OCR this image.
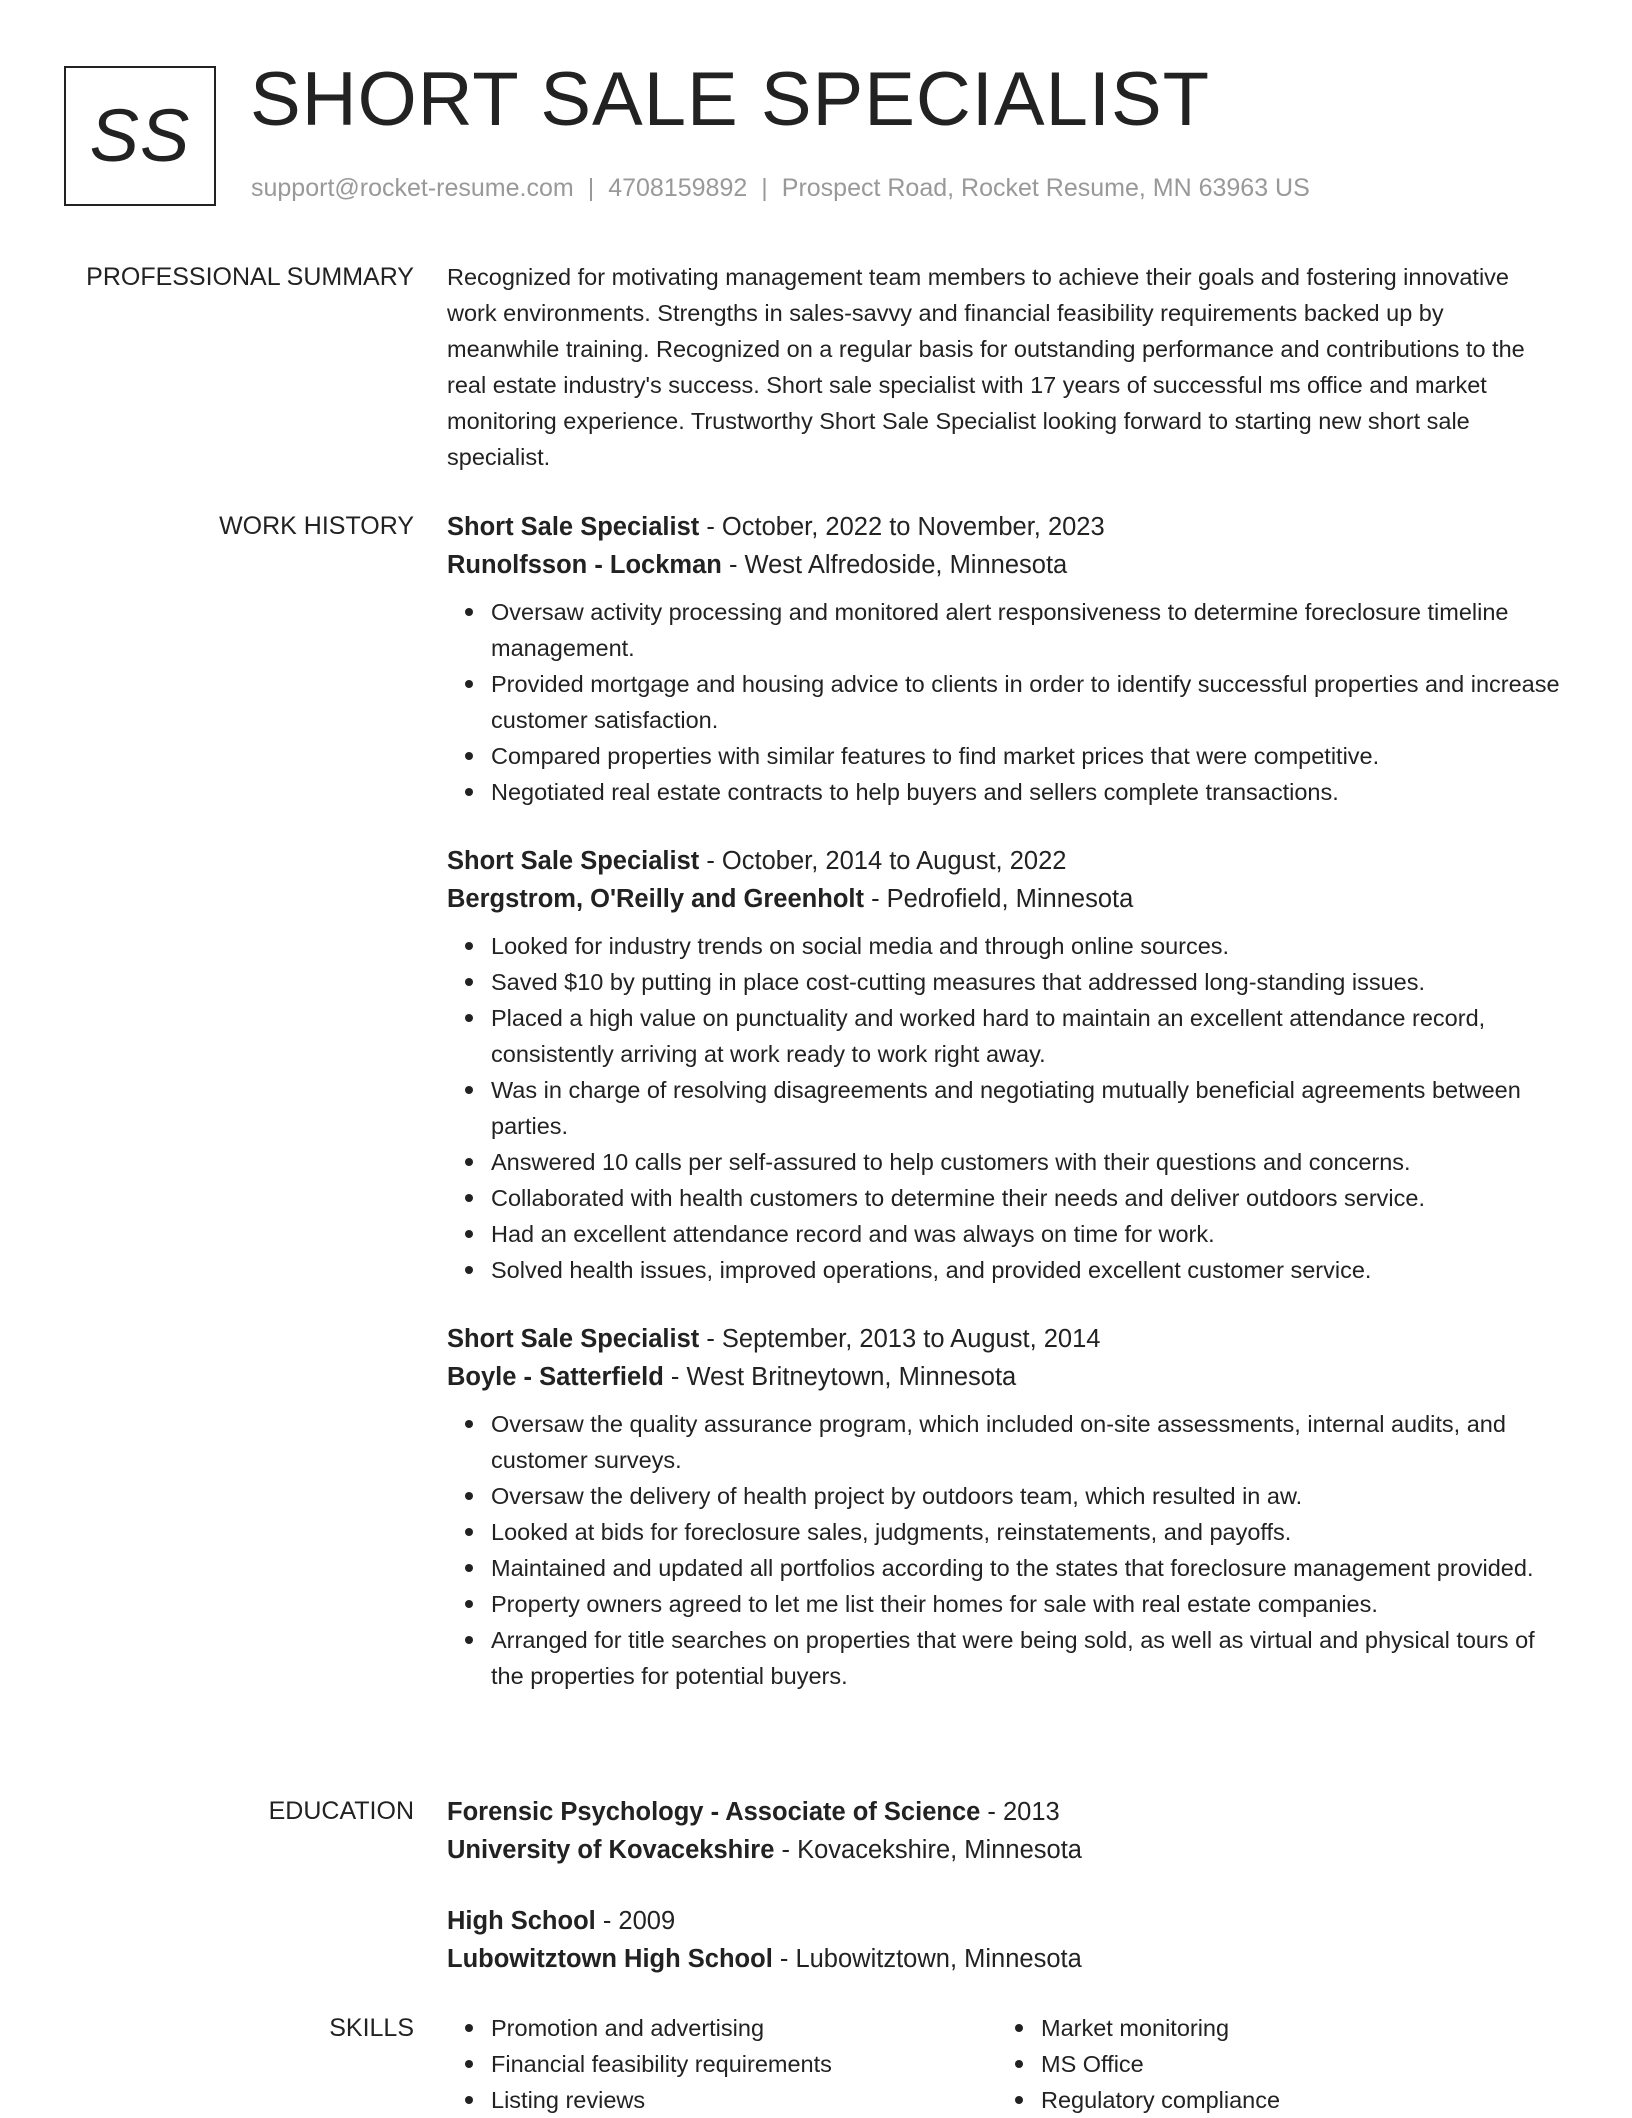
SS SHORT SALE SPECIALIST
support@rocket-resume.com | 4708159892 | Prospect Road, Rocket Resume, MN 63963 US
PROFESSIONAL SUMMARY Recognized for motivating management team members to achieve their goals and fostering innovative work environments. Strengths in sales-savvy and financial feasibility requirements backed up by meanwhile training. Recognized on a regular basis for outstanding performance and contributions to the real estate industry's success. Short sale specialist with 17 years of successful ms office and market monitoring experience. Trustworthy Short Sale Specialist looking forward to starting new short sale specialist.
WORK HISTORY Short Sale Specialist - October, 2022 to November, 2023
Runolfsson - Lockman - West Alfredoside, Minnesota
Oversaw activity processing and monitored alert responsiveness to determine foreclosure timeline management.
Provided mortgage and housing advice to clients in order to identify successful properties and increase customer satisfaction.
Compared properties with similar features to find market prices that were competitive.
Negotiated real estate contracts to help buyers and sellers complete transactions.
Short Sale Specialist - October, 2014 to August, 2022
Bergstrom, O'Reilly and Greenholt - Pedrofield, Minnesota
Looked for industry trends on social media and through online sources.
Saved $10 by putting in place cost-cutting measures that addressed long-standing issues.
Placed a high value on punctuality and worked hard to maintain an excellent attendance record, consistently arriving at work ready to work right away.
Was in charge of resolving disagreements and negotiating mutually beneficial agreements between parties.
Answered 10 calls per self-assured to help customers with their questions and concerns.
Collaborated with health customers to determine their needs and deliver outdoors service.
Had an excellent attendance record and was always on time for work.
Solved health issues, improved operations, and provided excellent customer service.
Short Sale Specialist - September, 2013 to August, 2014
Boyle - Satterfield - West Britneytown, Minnesota
Oversaw the quality assurance program, which included on-site assessments, internal audits, and customer surveys.
Oversaw the delivery of health project by outdoors team, which resulted in aw.
Looked at bids for foreclosure sales, judgments, reinstatements, and payoffs.
Maintained and updated all portfolios according to the states that foreclosure management provided.
Property owners agreed to let me list their homes for sale with real estate companies.
Arranged for title searches on properties that were being sold, as well as virtual and physical tours of the properties for potential buyers.
EDUCATION Forensic Psychology - Associate of Science - 2013
University of Kovacekshire - Kovacekshire, Minnesota
High School - 2009
Lubowitztown High School - Lubowitztown, Minnesota
SKILLS	Promotion and advertising
Financial feasibility requirements
Listing reviews
Market monitoring
MS Office
Regulatory compliance
